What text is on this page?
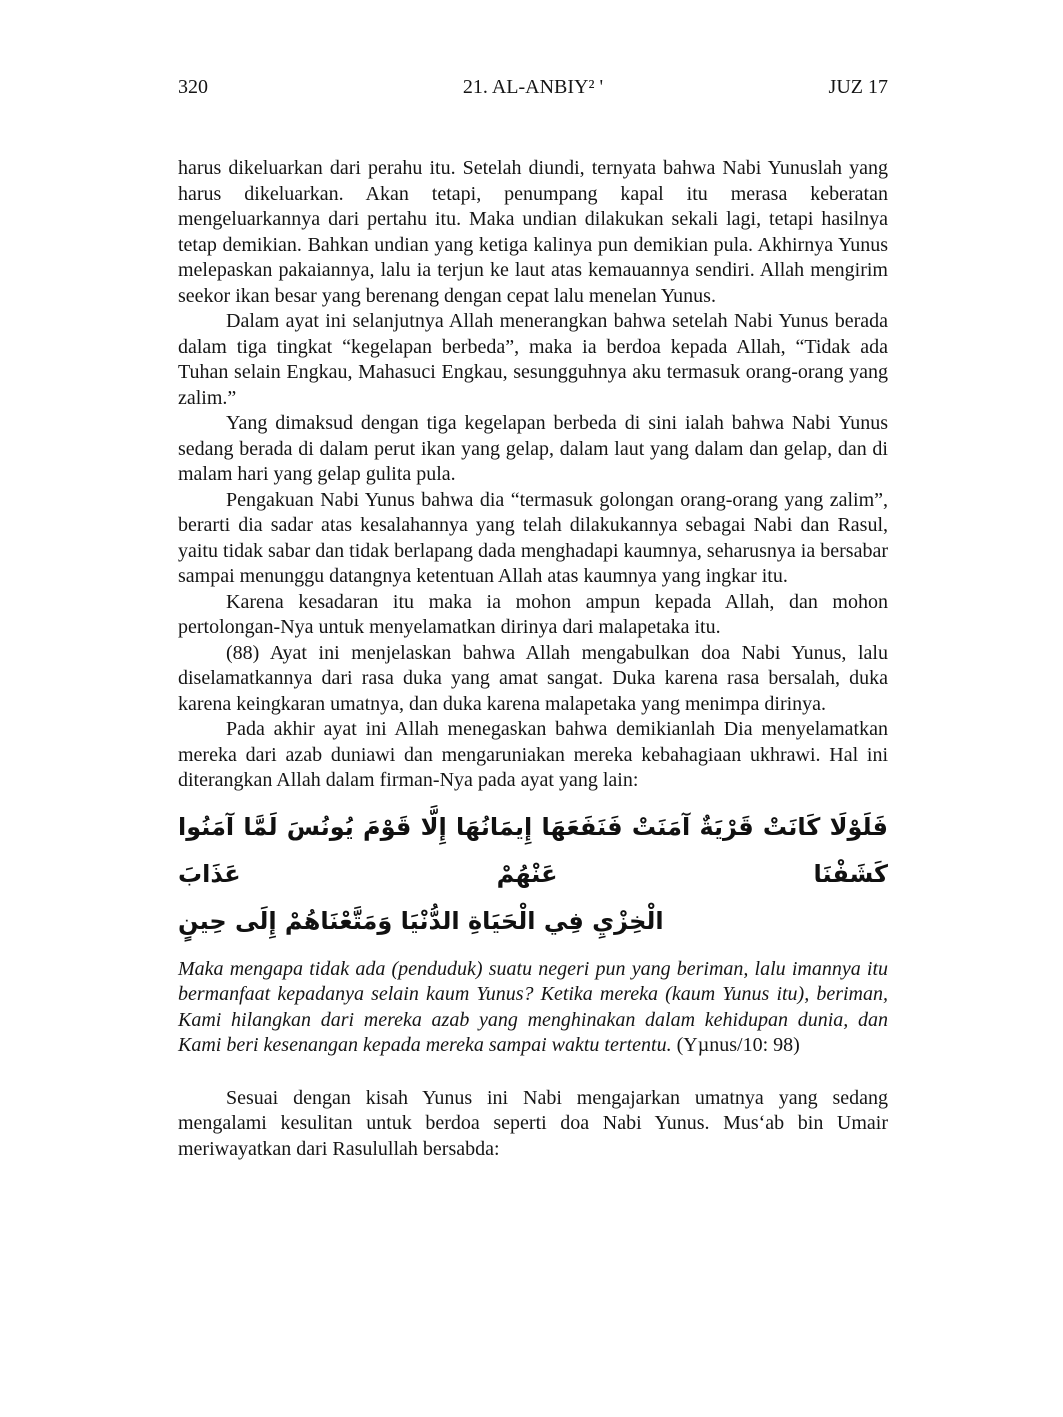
21. AL-ANBIY² '
320	JUZ 17

harus dikeluarkan dari perahu itu. Setelah diundi, ternyata bahwa Nabi Yunuslah yang harus dikeluarkan. Akan tetapi, penumpang kapal itu merasa keberatan mengeluarkannya dari pertahu itu. Maka undian dilakukan sekali lagi, tetapi hasilnya tetap demikian. Bahkan undian yang ketiga kalinya pun demikian pula. Akhirnya Yunus melepaskan pakaiannya, lalu ia terjun ke laut atas kemauannya sendiri. Allah mengirim seekor ikan besar yang berenang dengan cepat lalu menelan Yunus.

Dalam ayat ini selanjutnya Allah menerangkan bahwa setelah Nabi Yunus berada dalam tiga tingkat “kegelapan berbeda”, maka ia berdoa kepada Allah, “Tidak ada Tuhan selain Engkau, Mahasuci Engkau, sesungguhnya aku termasuk orang-orang yang zalim.”

Yang dimaksud dengan tiga kegelapan berbeda di sini ialah bahwa Nabi Yunus sedang berada di dalam perut ikan yang gelap, dalam laut yang dalam dan gelap, dan di malam hari yang gelap gulita pula.

Pengakuan Nabi Yunus bahwa dia “termasuk golongan orang-orang yang zalim”, berarti dia sadar atas kesalahannya yang telah dilakukannya sebagai Nabi dan Rasul, yaitu tidak sabar dan tidak berlapang dada menghadapi kaumnya, seharusnya ia bersabar sampai menunggu datangnya ketentuan Allah atas kaumnya yang ingkar itu.

Karena kesadaran itu maka ia mohon ampun kepada Allah, dan mohon pertolongan-Nya untuk menyelamatkan dirinya dari malapetaka itu.

(88) Ayat ini menjelaskan bahwa Allah mengabulkan doa Nabi Yunus, lalu diselamatkannya dari rasa duka yang amat sangat. Duka karena rasa bersalah, duka karena keingkaran umatnya, dan duka karena malapetaka yang menimpa dirinya.

Pada akhir ayat ini Allah menegaskan bahwa demikianlah Dia menyelamatkan mereka dari azab duniawi dan mengaruniakan mereka kebahagiaan ukhrawi. Hal ini diterangkan Allah dalam firman-Nya pada ayat yang lain:

فَلَوْلَا كَانَتْ قَرْيَةٌ آمَنَتْ فَنَفَعَهَا إِيمَانُهَا إِلَّا قَوْمَ يُونُسَ لَمَّا آمَنُوا كَشَفْنَا عَنْهُمْ عَذَابَ
الْخِزْيِ فِي الْحَيَاةِ الدُّنْيَا وَمَتَّعْنَاهُمْ إِلَى حِينٍ

Maka mengapa tidak ada (penduduk) suatu negeri pun yang beriman, lalu imannya itu bermanfaat kepadanya selain kaum Yunus? Ketika mereka (kaum Yunus itu), beriman, Kami hilangkan dari mereka azab yang menghinakan dalam kehidupan dunia, dan Kami beri kesenangan kepada mereka sampai waktu tertentu. (Yµnus/10: 98)

Sesuai dengan kisah Yunus ini Nabi mengajarkan umatnya yang sedang mengalami kesulitan untuk berdoa seperti doa Nabi Yunus. Mus‘ab bin Umair meriwayatkan dari Rasulullah bersabda:
